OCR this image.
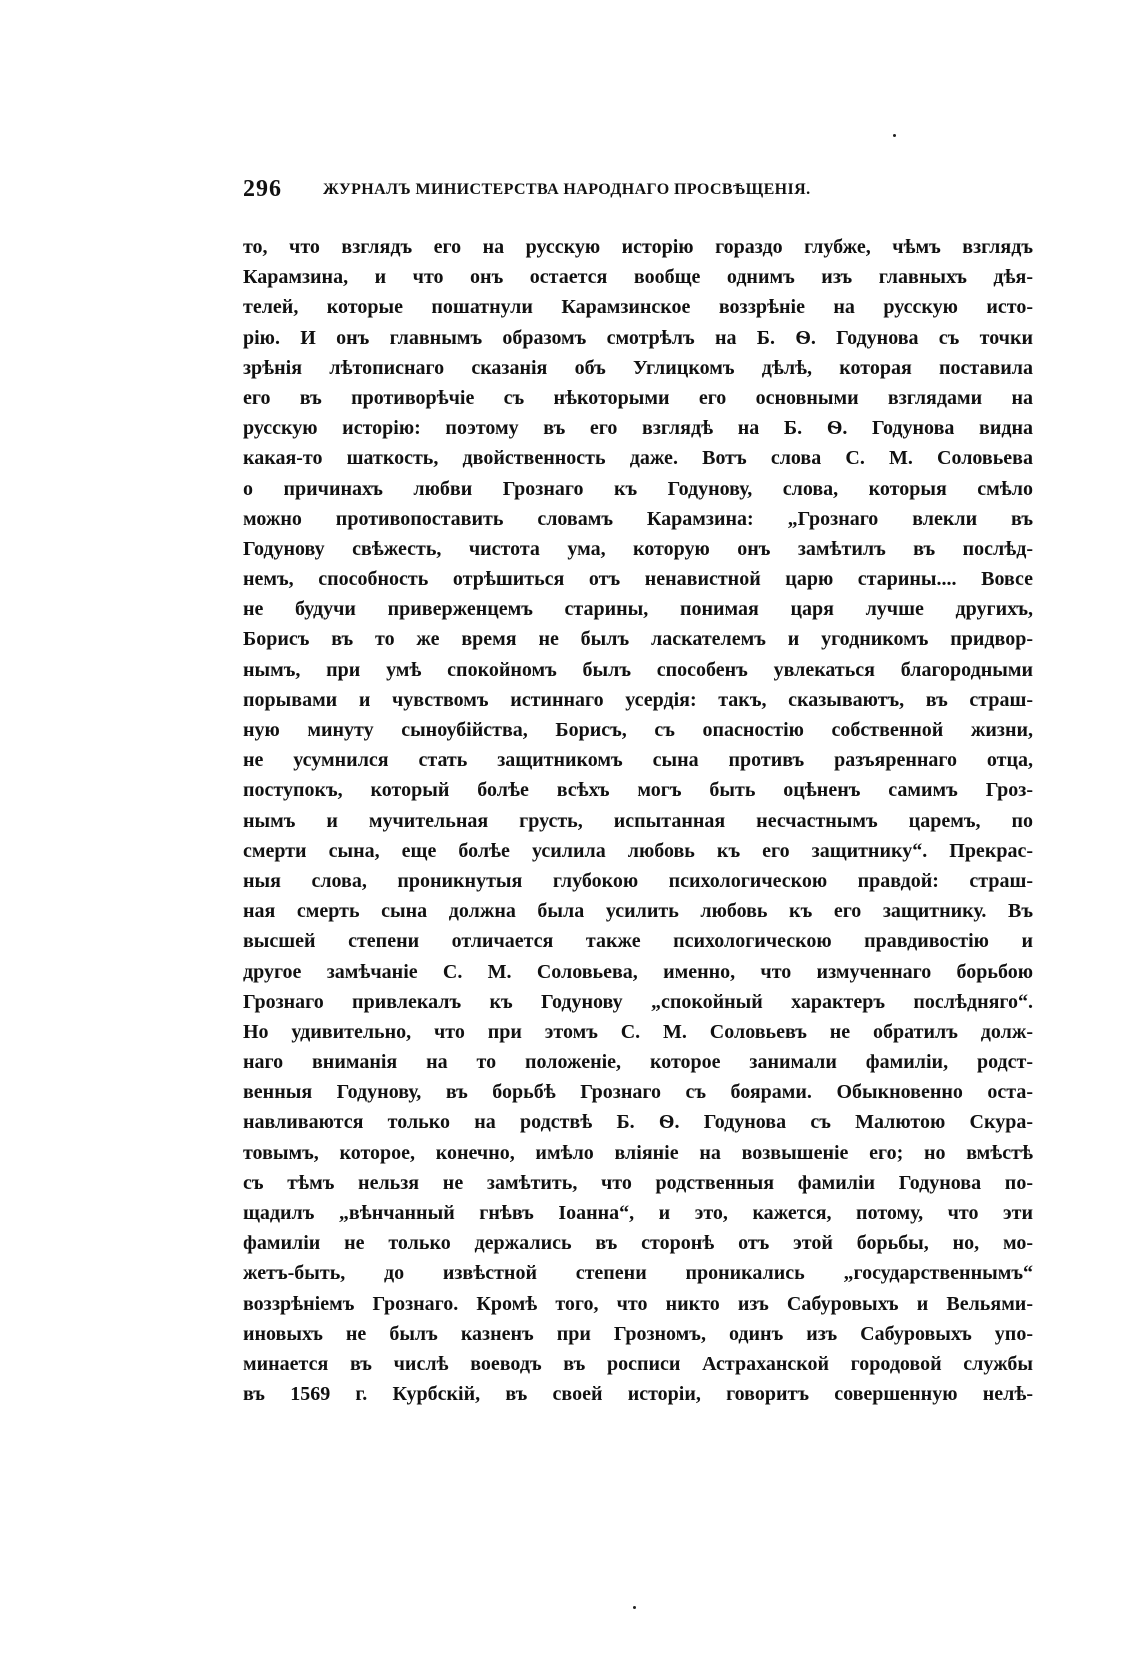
296	ЖУРНАЛЪ МИНИСТЕРСТВА НАРОДНАГО ПРОСВѢЩЕНІЯ.
то, что взглядъ его на русскую исторію гораздо глубже, чѣмъ взглядъ
Карамзина, и что онъ остается вообще однимъ изъ главныхъ дѣя-
телей, которые пошатнули Карамзинское воззрѣніе на русскую исто-
рію. И онъ главнымъ образомъ смотрѣлъ на Б. Ѳ. Годунова съ точки
зрѣнія лѣтописнаго сказанія объ Углицкомъ дѣлѣ, которая поставила
его въ противорѣчіе съ нѣкоторыми его основными взглядами на
русскую исторію: поэтому въ его взглядѣ на Б. Ѳ. Годунова видна
какая-то шаткость, двойственность даже. Вотъ слова С. М. Соловьева
о причинахъ любви Грознаго къ Годунову, слова, которыя смѣло
можно противопоставить словамъ Карамзина: „Грознаго влекли въ
Годунову свѣжесть, чистота ума, которую онъ замѣтилъ въ послѣд-
немъ, способность отрѣшиться отъ ненавистной царю старины.... Вовсе
не будучи приверженцемъ старины, понимая царя лучше другихъ,
Борисъ въ то же время не былъ ласкателемъ и угодникомъ придвор-
нымъ, при умѣ спокойномъ былъ способенъ увлекаться благородными
порывами и чувствомъ истиннаго усердія: такъ, сказываютъ, въ страш-
ную минуту сыноубійства, Борисъ, съ опасностію собственной жизни,
не усумнился стать защитникомъ сына противъ разъяреннаго отца,
поступокъ, который болѣе всѣхъ могъ быть оцѣненъ самимъ Гроз-
нымъ и мучительная грусть, испытанная несчастнымъ царемъ, по
смерти сына, еще болѣе усилила любовь къ его защитнику“. Прекрас-
ныя слова, проникнутыя глубокою психологическою правдой: страш-
ная смерть сына должна была усилить любовь къ его защитнику. Въ
высшей степени отличается также психологическою правдивостію и
другое замѣчаніе С. М. Соловьева, именно, что измученнаго борьбою
Грознаго привлекалъ къ Годунову „спокойный характеръ послѣдняго“.
Но удивительно, что при этомъ С. М. Соловьевъ не обратилъ долж-
наго вниманія на то положеніе, которое занимали фамиліи, родст-
венныя Годунову, въ борьбѣ Грознаго съ боярами. Обыкновенно оста-
навливаются только на родствѣ Б. Ѳ. Годунова съ Малютою Скура-
товымъ, которое, конечно, имѣло вліяніе на возвышеніе его; но вмѣстѣ
съ тѣмъ нельзя не замѣтить, что родственныя фамиліи Годунова по-
щадилъ „вѣнчанный гнѣвъ Іоанна“, и это, кажется, потому, что эти
фамиліи не только держались въ сторонѣ отъ этой борьбы, но, мо-
жетъ-быть, до извѣстной степени проникались „государственнымъ“
воззрѣніемъ Грознаго. Кромѣ того, что никто изъ Сабуровыхъ и Вельями-
иновыхъ не былъ казненъ при Грозномъ, одинъ изъ Сабуровыхъ упо-
минается въ числѣ воеводъ въ росписи Астраханской городовой службы
въ 1569 г. Курбскій, въ своей исторіи, говоритъ совершенную нелѣ-
